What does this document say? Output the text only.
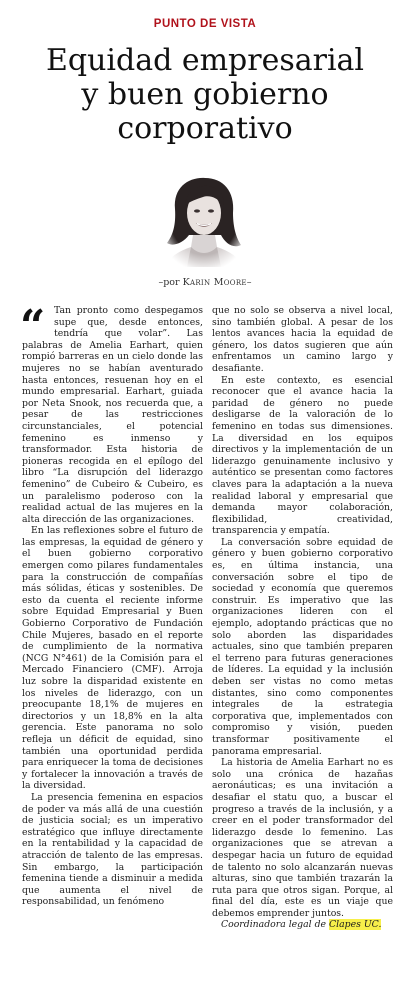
PUNTO DE VISTA
Equidad empresarial
y buen gobierno
corporativo
–por Karin Moore–
“ Tan pronto como despegamos supe que, desde entonces, tendría que volar”. Las palabras de Amelia Earhart, quien rompió barreras en un cielo donde las mujeres no se habían aventurado hasta entonces, resuenan hoy en el mundo empresarial. Earhart, guiada por Neta Snook, nos recuerda que, a pesar de las restricciones circunstanciales, el potencial femenino es inmenso y transformador. Esta historia de pioneras recogida en el epílogo del libro “La disrupción del liderazgo femenino” de Cubeiro & Cubeiro, es un paralelismo poderoso con la realidad actual de las mujeres en la alta dirección de las organizaciones.

En las reflexiones sobre el futuro de las empresas, la equidad de género y el buen gobierno corporativo emergen como pilares fundamentales para la construcción de compañías más sólidas, éticas y sostenibles. De esto da cuenta el reciente informe sobre Equidad Empresarial y Buen Gobierno Corporativo de Fundación Chile Mujeres, basado en el reporte de cumplimiento de la normativa (NCG N°461) de la Comisión para el Mercado Financiero (CMF). Arroja luz sobre la disparidad existente en los niveles de liderazgo, con un preocupante 18,1% de mujeres en directorios y un 18,8% en la alta gerencia. Este panorama no solo refleja un déficit de equidad, sino también una oportunidad perdida para enriquecer la toma de decisiones y fortalecer la innovación a través de la diversidad.

La presencia femenina en espacios de poder va más allá de una cuestión de justicia social; es un imperativo estratégico que influye directamente en la rentabilidad y la capacidad de atracción de talento de las empresas. Sin embargo, la participación femenina tiende a disminuir a medida que aumenta el nivel de responsabilidad, un fenómeno

que no solo se observa a nivel local, sino también global. A pesar de los lentos avances hacia la equidad de género, los datos sugieren que aún enfrentamos un camino largo y desafiante.

En este contexto, es esencial reconocer que el avance hacia la paridad de género no puede desligarse de la valoración de lo femenino en todas sus dimensiones. La diversidad en los equipos directivos y la implementación de un liderazgo genuinamente inclusivo y auténtico se presentan como factores claves para la adaptación a la nueva realidad laboral y empresarial que demanda mayor colaboración, flexibilidad, creatividad, transparencia y empatía.

La conversación sobre equidad de género y buen gobierno corporativo es, en última instancia, una conversación sobre el tipo de sociedad y economía que queremos construir. Es imperativo que las organizaciones lideren con el ejemplo, adoptando prácticas que no solo aborden las disparidades actuales, sino que también preparen el terreno para futuras generaciones de líderes. La equidad y la inclusión deben ser vistas no como metas distantes, sino como componentes integrales de la estrategia corporativa que, implementados con compromiso y visión, pueden transformar positivamente el panorama empresarial.

La historia de Amelia Earhart no es solo una crónica de hazañas aeronáuticas; es una invitación a desafiar el statu quo, a buscar el progreso a través de la inclusión, y a creer en el poder transformador del liderazgo desde lo femenino. Las organizaciones que se atrevan a despegar hacia un futuro de equidad de talento no solo alcanzarán nuevas alturas, sino que también trazarán la ruta para que otros sigan. Porque, al final del día, este es un viaje que debemos emprender juntos.

Coordinadora legal de Clapes UC.
